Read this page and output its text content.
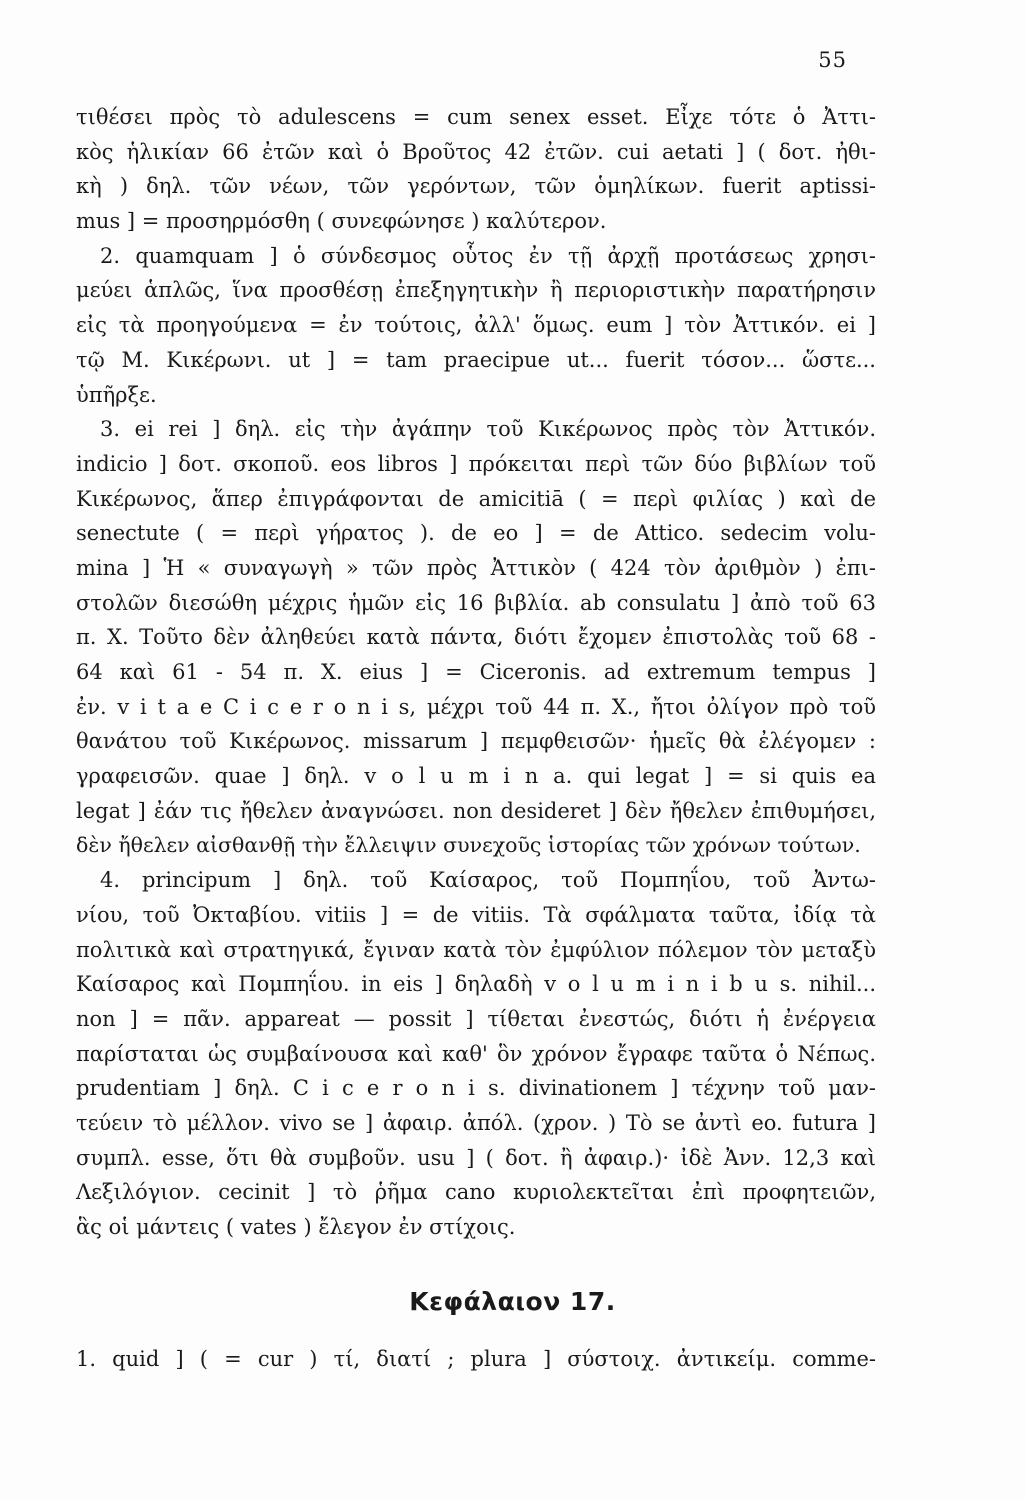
55
τιθέσει πρὸς τὸ adulescens = cum senex esset. Εἶχε τότε ὁ Ἀττι-
κὸς ἡλικίαν 66 ἐτῶν καὶ ὁ Βροῦτος 42 ἐτῶν. cui aetati ] ( δοτ. ἠθι-
κὴ ) δηλ. τῶν νέων, τῶν γερόντων, τῶν ὁμηλίκων. fuerit aptissi-
mus ] = προσηρμόσθη ( συνεφώνησε ) καλύτερον.
2. quamquam ] ὁ σύνδεσμος οὗτος ἐν τῇ ἀρχῇ προτάσεως χρησι-
μεύει ἁπλῶς, ἵνα προσθέσῃ ἐπεξηγητικὴν ἢ περιοριστικὴν παρατήρησιν
εἰς τὰ προηγούμενα = ἐν τούτοις, ἀλλ' ὅμως. eum ] τὸν Ἀττικόν. ei ]
τῷ Μ. Κικέρωνι. ut ] = tam praecipue ut... fuerit τόσον... ὥστε...
ὑπῆρξε.
3. ei rei ] δηλ. εἰς τὴν ἀγάπην τοῦ Κικέρωνος πρὸς τὸν Ἀττικόν.
indicio ] δοτ. σκοποῦ. eos libros ] πρόκειται περὶ τῶν δύο βιβλίων τοῦ
Κικέρωνος, ἅπερ ἐπιγράφονται de amicitiā ( = περὶ φιλίας ) καὶ de
senectute ( = περὶ γήρατος ). de eo ] = de Attico. sedecim volu-
mina ] Ἡ « συναγωγὴ » τῶν πρὸς Ἀττικὸν ( 424 τὸν ἀριθμὸν ) ἐπι-
στολῶν διεσώθη μέχρις ἡμῶν εἰς 16 βιβλία. ab consulatu ] ἀπὸ τοῦ 63
π. Χ. Τοῦτο δὲν ἀληθεύει κατὰ πάντα, διότι ἔχομεν ἐπιστολὰς τοῦ 68 -
64 καὶ 61 - 54 π. Χ. eius ] = Ciceronis. ad extremum tempus ]
ἐν. v i t a e C i c e r o n i s, μέχρι τοῦ 44 π. Χ., ἤτοι ὀλίγον πρὸ τοῦ
θανάτου τοῦ Κικέρωνος. missarum ] πεμφθεισῶν· ἡμεῖς θὰ ἐλέγομεν :
γραφεισῶν. quae ] δηλ. v o l u m i n a. qui legat ] = si quis ea
legat ] ἐάν τις ἤθελεν ἀναγνώσει. non desideret ] δὲν ἤθελεν ἐπιθυμήσει,
δὲν ἤθελεν αἰσθανθῇ τὴν ἔλλειψιν συνεχοῦς ἱστορίας τῶν χρόνων τούτων.
4. principum ] δηλ. τοῦ Καίσαρος, τοῦ Πομπηΐου, τοῦ Ἀντω-
νίου, τοῦ Ὀκταβίου. vitiis ] = de vitiis. Τὰ σφάλματα ταῦτα, ἰδίᾳ τὰ
πολιτικὰ καὶ στρατηγικά, ἔγιναν κατὰ τὸν ἐμφύλιον πόλεμον τὸν μεταξὺ
Καίσαρος καὶ Πομπηΐου. in eis ] δηλαδὴ v o l u m i n i b u s. nihil...
non ] = πᾶν. appareat — possit ] τίθεται ἐνεστώς, διότι ἡ ἐνέργεια
παρίσταται ὡς συμβαίνουσα καὶ καθ' ὃν χρόνον ἔγραφε ταῦτα ὁ Νέπως.
prudentiam ] δηλ. C i c e r o n i s. divinationem ] τέχνην τοῦ μαν-
τεύειν τὸ μέλλον. vivo se ] ἀφαιρ. ἀπόλ. (χρον. ) Τὸ se ἀντὶ eo. futura ]
συμπλ. esse, ὅτι θὰ συμβοῦν. usu ] ( δοτ. ἢ ἀφαιρ.)· ἰδὲ Ἀνν. 12,3 καὶ
Λεξιλόγιον. cecinit ] τὸ ῥῆμα cano κυριολεκτεῖται ἐπὶ προφητειῶν,
ἃς οἱ μάντεις ( vates ) ἔλεγον ἐν στίχοις.
Κεφάλαιον 17.
1. quid ] ( = cur ) τί, διατί ; plura ] σύστοιχ. ἀντικείμ. comme-
